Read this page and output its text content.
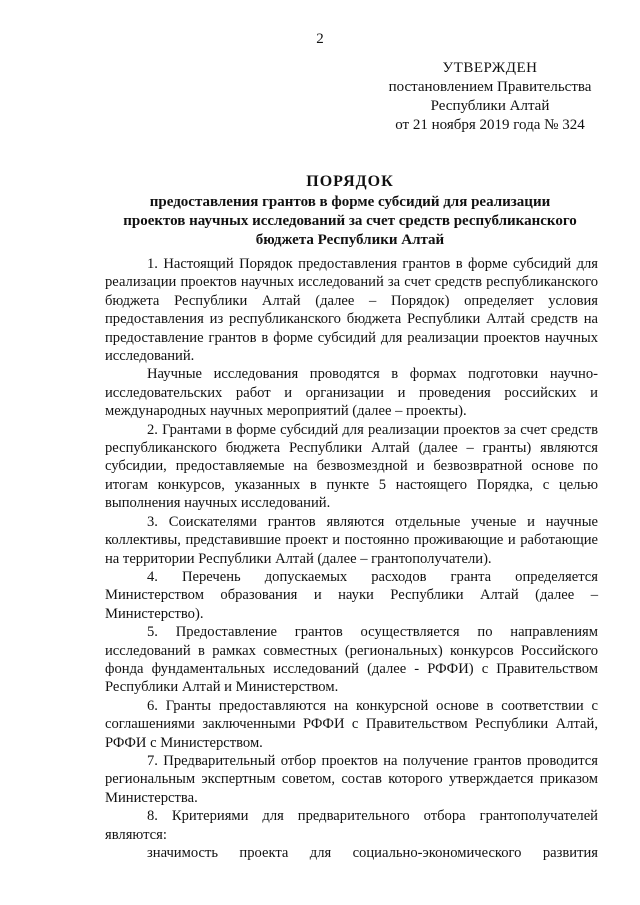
2
УТВЕРЖДЕН
постановлением Правительства
Республики Алтай
от 21 ноября 2019 года № 324
ПОРЯДОК
предоставления грантов в форме субсидий для реализации
проектов научных исследований за счет средств республиканского
бюджета Республики Алтай

1. Настоящий Порядок предоставления грантов в форме субсидий для реализации проектов научных исследований за счет средств республиканского бюджета Республики Алтай (далее – Порядок) определяет условия предоставления из республиканского бюджета Республики Алтай средств на предоставление грантов в форме субсидий для реализации проектов научных исследований.

Научные исследования проводятся в формах подготовки научно-исследовательских работ и организации и проведения российских и международных научных мероприятий (далее – проекты).

2. Грантами в форме субсидий для реализации проектов за счет средств республиканского бюджета Республики Алтай (далее – гранты) являются субсидии, предоставляемые на безвозмездной и безвозвратной основе по итогам конкурсов, указанных в пункте 5 настоящего Порядка, с целью выполнения научных исследований.

3. Соискателями грантов являются отдельные ученые и научные коллективы, представившие проект и постоянно проживающие и работающие на территории Республики Алтай (далее – грантополучатели).

4. Перечень допускаемых расходов гранта определяется Министерством образования и науки Республики Алтай (далее – Министерство).

5. Предоставление грантов осуществляется по направлениям исследований в рамках совместных (региональных) конкурсов Российского фонда фундаментальных исследований (далее - РФФИ) с Правительством Республики Алтай и Министерством.

6. Гранты предоставляются на конкурсной основе в соответствии с соглашениями заключенными РФФИ с Правительством Республики Алтай, РФФИ с Министерством.

7. Предварительный отбор проектов на получение грантов проводится региональным экспертным советом, состав которого утверждается приказом Министерства.

8. Критериями для предварительного отбора грантополучателей являются:

значимость проекта для социально-экономического развития
